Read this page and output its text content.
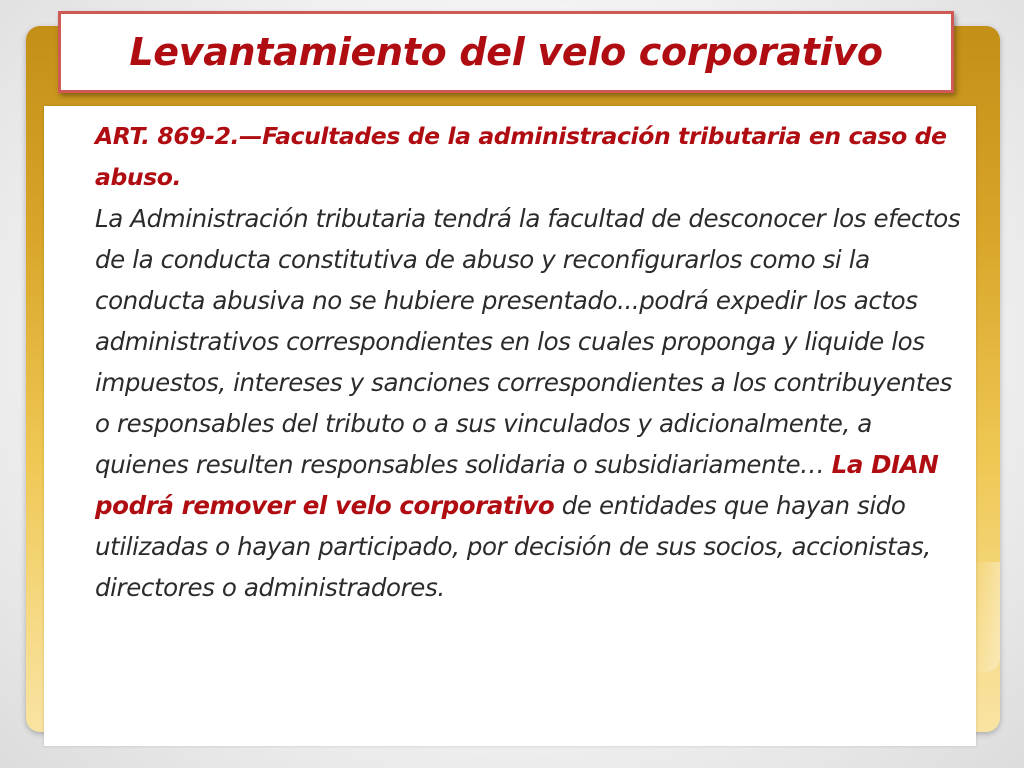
Levantamiento del velo corporativo

ART. 869-2.—Facultades de la administración tributaria en caso de abuso.

La Administración tributaria tendrá la facultad de desconocer los efectos de la conducta constitutiva de abuso y reconfigurarlos como si la conducta abusiva no se hubiere presentado...podrá expedir los actos administrativos correspondientes en los cuales proponga y liquide los impuestos, intereses y sanciones correspondientes a los contribuyentes o responsables del tributo o a sus vinculados y adicionalmente, a quienes resulten responsables solidaria o subsidiariamente… La DIAN podrá remover el velo corporativo de entidades que hayan sido utilizadas o hayan participado, por decisión de sus socios, accionistas, directores o administradores.
